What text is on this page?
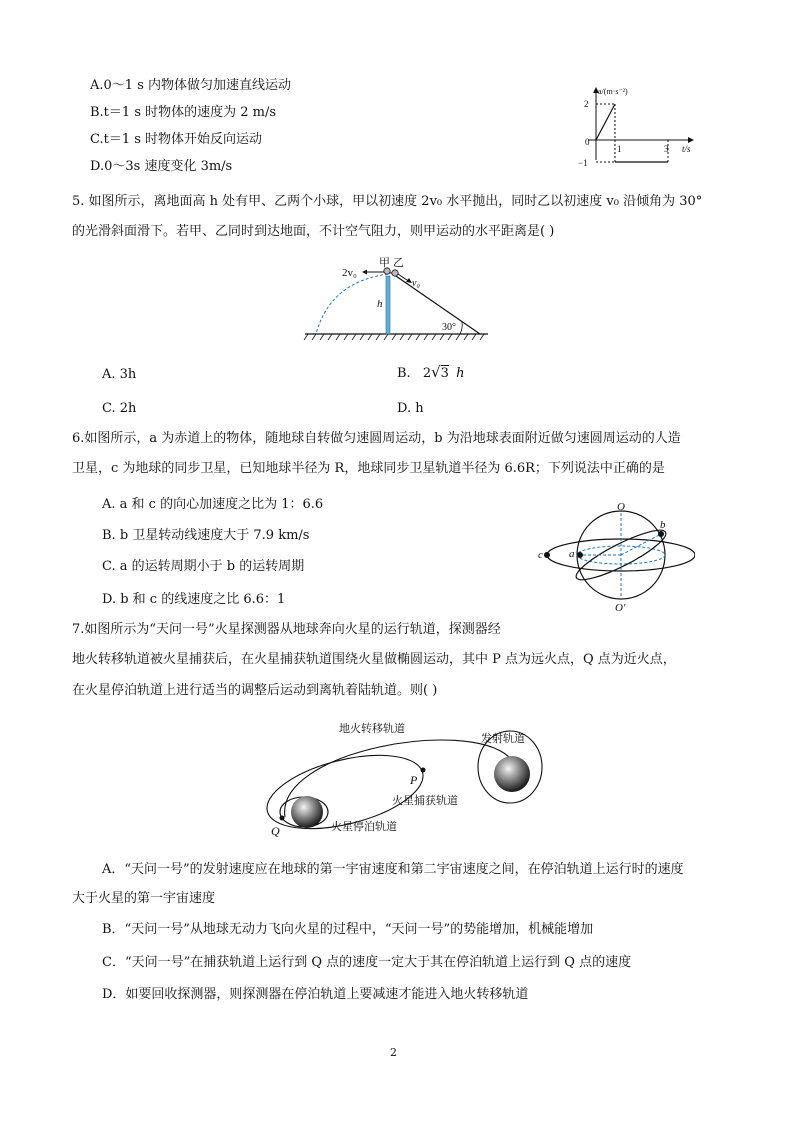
A.0～1 s 内物体做匀加速直线运动
B.t＝1 s 时物体的速度为 2 m/s
C.t＝1 s 时物体开始反向运动
D.0～3s 速度变化 3m/s
a/(m·s⁻²)
t/s
2
0
−1
1	3
5. 如图所示，离地面高 h 处有甲、乙两个小球，甲以初速度 2v₀ 水平抛出，同时乙以初速度 v₀ 沿倾角为 30°
的光滑斜面滑下。若甲、乙同时到达地面，不计空气阻力，则甲运动的水平距离是( )
2v₀
甲 乙
v₀
h
30°
A. 3h	B. 2√3 h
C. 2h	D. h
6.如图所示，a 为赤道上的物体，随地球自转做匀速圆周运动，b 为沿地球表面附近做匀速圆周运动的人造
卫星，c 为地球的同步卫星，已知地球半径为 R，地球同步卫星轨道半径为 6.6R；下列说法中正确的是
A. a 和 c 的向心加速度之比为 1：6.6
B. b 卫星转动线速度大于 7.9 km/s
C. a 的运转周期小于 b 的运转周期
D. b 和 c 的线速度之比 6.6：1
O
O′
a
b
c
7.如图所示为“天问一号”火星探测器从地球奔向火星的运行轨道，探测器经
地火转移轨道被火星捕获后，在火星捕获轨道围绕火星做椭圆运动，其中 P 点为远火点，Q 点为近火点，
在火星停泊轨道上进行适当的调整后运动到离轨着陆轨道。则( )
地火转移轨道
发射轨道
火星捕获轨道
火星停泊轨道
P
Q
A．“天问一号”的发射速度应在地球的第一宇宙速度和第二宇宙速度之间，在停泊轨道上运行时的速度
大于火星的第一宇宙速度
B．“天问一号”从地球无动力飞向火星的过程中，“天问一号”的势能增加，机械能增加
C．“天问一号”在捕获轨道上运行到 Q 点的速度一定大于其在停泊轨道上运行到 Q 点的速度
D．如要回收探测器，则探测器在停泊轨道上要减速才能进入地火转移轨道
2
